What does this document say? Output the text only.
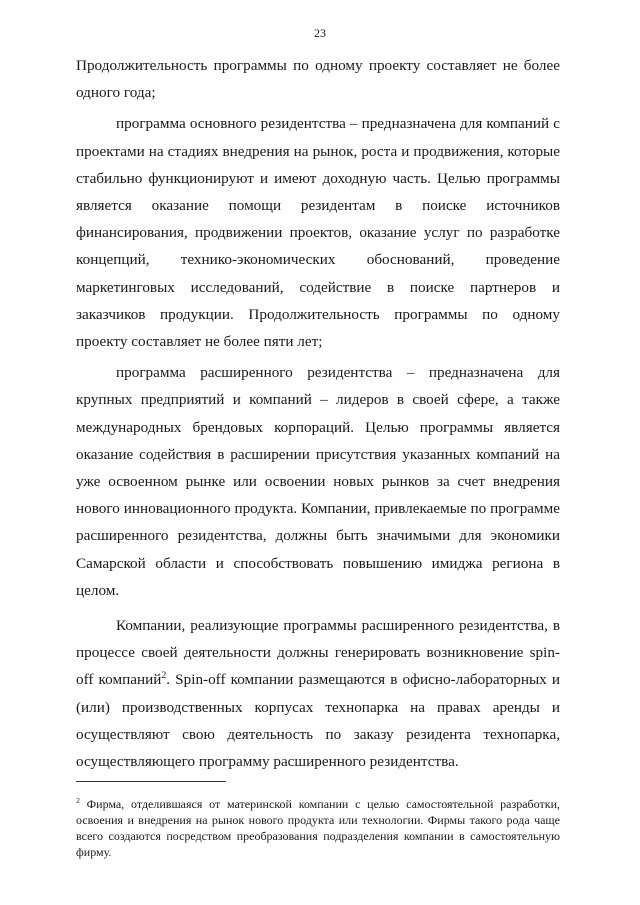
23

Продолжительность программы по одному проекту составляет не более одного года;

программа основного резидентства – предназначена для компаний с проектами на стадиях внедрения на рынок, роста и продвижения, которые стабильно функционируют и имеют доходную часть. Целью программы является оказание помощи резидентам в поиске источников финансирования, продвижении проектов, оказание услуг по разработке концепций, технико-экономических обоснований, проведение маркетинговых исследований, содействие в поиске партнеров и заказчиков продукции. Продолжительность программы по одному проекту составляет не более пяти лет;

программа расширенного резидентства – предназначена для крупных предприятий и компаний – лидеров в своей сфере, а также международных брендовых корпораций. Целью программы является оказание содействия в расширении присутствия указанных компаний на уже освоенном рынке или освоении новых рынков за счет внедрения нового инновационного продукта. Компании, привлекаемые по программе расширенного резидентства, должны быть значимыми для экономики Самарской области и способствовать повышению имиджа региона в целом.

Компании, реализующие программы расширенного резидентства, в процессе своей деятельности должны генерировать возникновение spin-off компаний$^2$. Spin-off компании размещаются в офисно-лабораторных и (или) производственных корпусах технопарка на правах аренды и осуществляют свою деятельность по заказу резидента технопарка, осуществляющего программу расширенного резидентства.

$^2$ Фирма, отделившаяся от материнской компании с целью самостоятельной разработки, освоения и внедрения на рынок нового продукта или технологии. Фирмы такого рода чаще всего создаются посредством преобразования подразделения компании в самостоятельную фирму.
